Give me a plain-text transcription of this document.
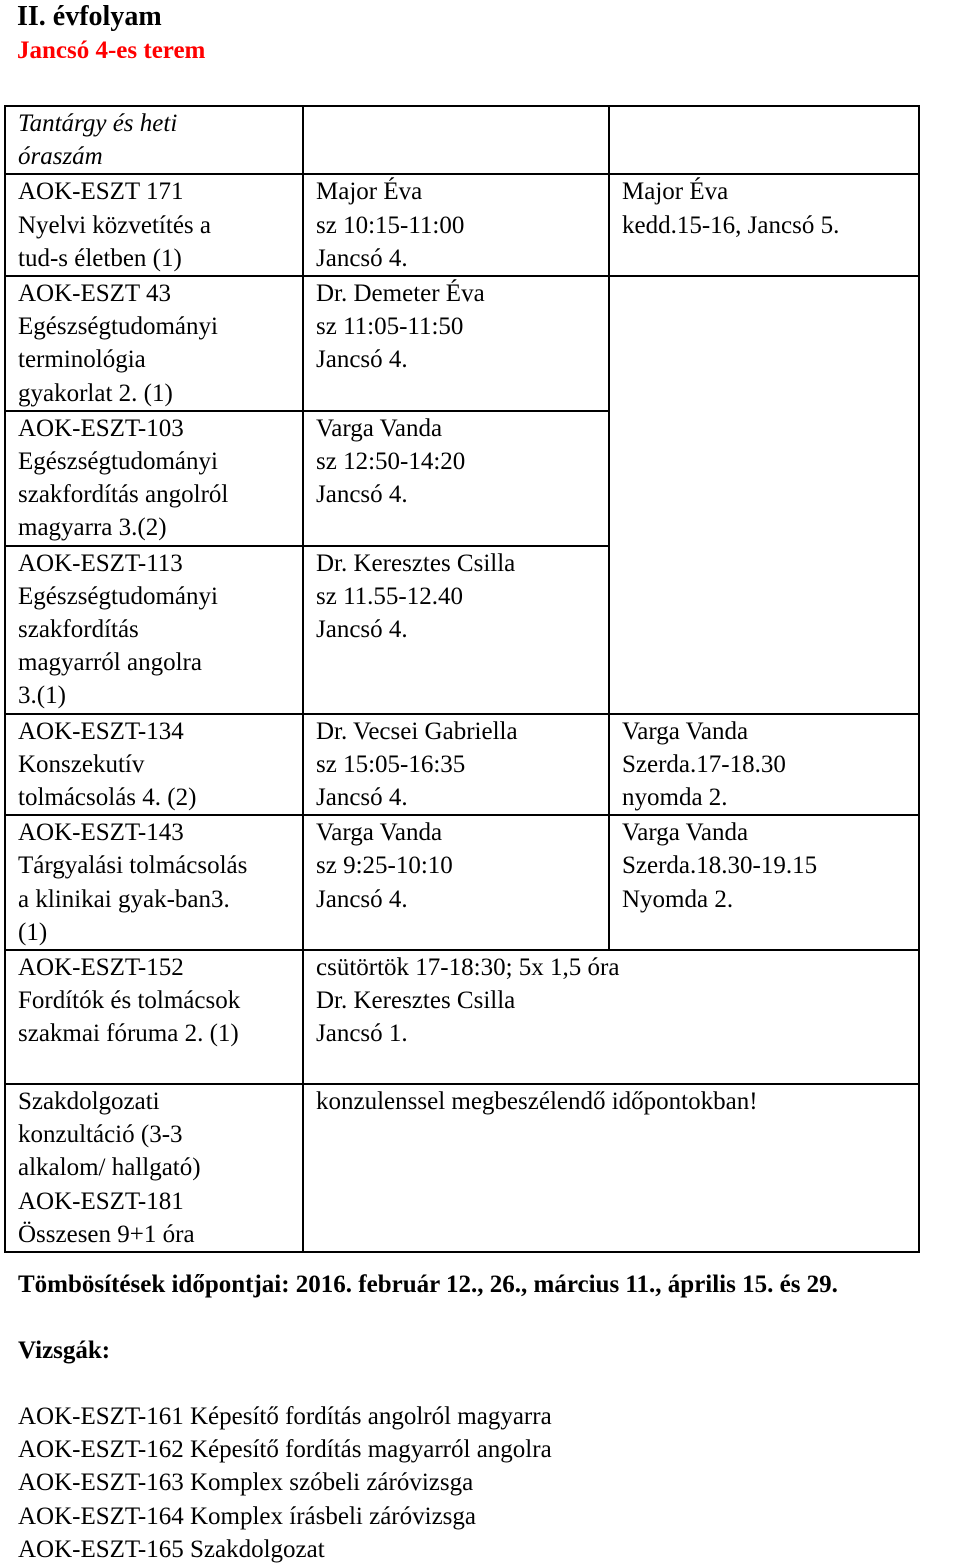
II. évfolyam
Jancsó 4-es terem
Tantárgy és heti
óraszám		

AOK-ESZT 171
Nyelvi közvetítés a
tud-s életben (1)	Major Éva
sz 10:15-11:00
Jancsó 4.	Major Éva
kedd.15-16, Jancsó 5.

AOK-ESZT 43
Egészségtudományi
terminológia
gyakorlat 2. (1)	Dr. Demeter Éva
sz 11:05-11:50
Jancsó 4.	

AOK-ESZT-103
Egészségtudományi
szakfordítás angolról
magyarra 3.(2)	Varga Vanda
sz 12:50-14:20
Jancsó 4.	

AOK-ESZT-113
Egészségtudományi
szakfordítás
magyarról angolra
3.(1)	Dr. Keresztes Csilla
sz 11.55-12.40
Jancsó 4.	

AOK-ESZT-134
Konszekutív
tolmácsolás 4. (2)	Dr. Vecsei Gabriella
sz 15:05-16:35
Jancsó 4.	Varga Vanda
Szerda.17-18.30
nyomda 2.

AOK-ESZT-143
Tárgyalási tolmácsolás
a klinikai gyak-ban3.
(1)	Varga Vanda
sz 9:25-10:10
Jancsó 4.	Varga Vanda
Szerda.18.30-19.15
Nyomda 2.

AOK-ESZT-152
Fordítók és tolmácsok
szakmai fóruma 2. (1)	csütörtök 17-18:30; 5x 1,5 óra
Dr. Keresztes Csilla
Jancsó 1.	

Szakdolgozati
konzultáció (3-3
alkalom/ hallgató)
AOK-ESZT-181
Összesen 9+1 óra	konzulenssel megbeszélendő időpontokban!	
Tömbösítések időpontjai: 2016. február 12., 26., március 11., április 15. és 29.
Vizsgák:
AOK-ESZT-161 Képesítő fordítás angolról magyarra
AOK-ESZT-162 Képesítő fordítás magyarról angolra
AOK-ESZT-163 Komplex szóbeli záróvizsga
AOK-ESZT-164 Komplex írásbeli záróvizsga
AOK-ESZT-165 Szakdolgozat
